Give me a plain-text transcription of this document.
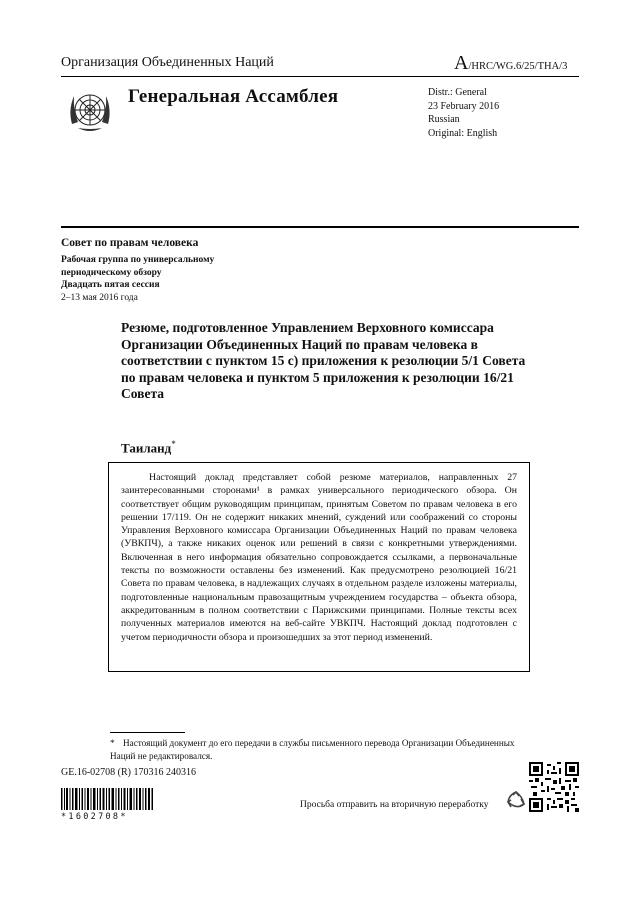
Организация Объединенных Наций	A/HRC/WG.6/25/THA/3
Генеральная Ассамблея	Distr.: General
23 February 2016
Russian
Original: English
Совет по правам человека
Рабочая группа по универсальному
периодическому обзору
Двадцать пятая сессия
2–13 мая 2016 года
Резюме, подготовленное Управлением Верховного комиссара Организации Объединенных Наций по правам человека в соответствии с пунктом 15 c) приложения к резолюции 5/1 Совета по правам человека и пунктом 5 приложения к резолюции 16/21 Совета
Таиланд*

Настоящий доклад представляет собой резюме материалов, направленных 27 заинтересованными сторонами¹ в рамках универсального периодического обзора. Он соответствует общим руководящим принципам, принятым Советом по правам человека в его решении 17/119. Он не содержит никаких мнений, суждений или соображений со стороны Управления Верховного комиссара Организации Объединенных Наций по правам человека (УВКПЧ), а также никаких оценок или решений в связи с конкретными утверждениями. Включенная в него информация обязательно сопровождается ссылками, а первоначальные тексты по возможности оставлены без изменений. Как предусмотрено резолюцией 16/21 Совета по правам человека, в надлежащих случаях в отдельном разделе изложены материалы, подготовленные национальным правозащитным учреждением государства – объекта обзора, аккредитованным в полном соответствии с Парижскими принципами. Полные тексты всех полученных материалов имеются на веб-сайте УВКПЧ. Настоящий доклад подготовлен с учетом периодичности обзора и произошедших за этот период изменений.

* Настоящий документ до его передачи в службы письменного перевода Организации Объединенных Наций не редактировался.
GE.16-02708 (R) 170316 240316
*1602708*
Просьба отправить на вторичную переработку
